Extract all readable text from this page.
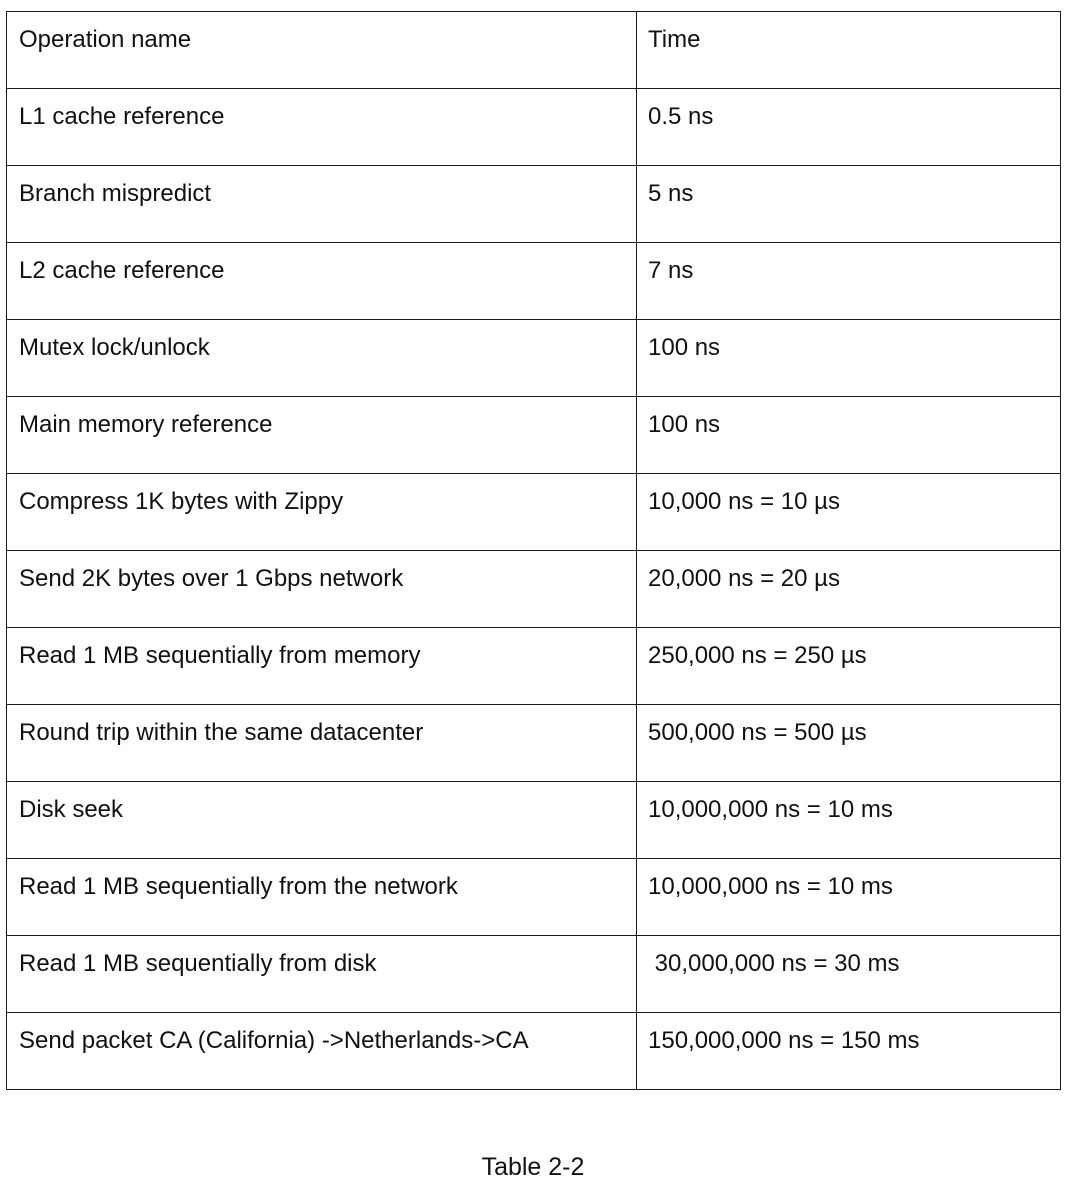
Operation name	Time
L1 cache reference	0.5 ns
Branch mispredict	5 ns
L2 cache reference	7 ns
Mutex lock/unlock	100 ns
Main memory reference	100 ns
Compress 1K bytes with Zippy	10,000 ns = 10 µs
Send 2K bytes over 1 Gbps network	20,000 ns = 20 µs
Read 1 MB sequentially from memory	250,000 ns = 250 µs
Round trip within the same datacenter	500,000 ns = 500 µs
Disk seek	10,000,000 ns = 10 ms
Read 1 MB sequentially from the network	10,000,000 ns = 10 ms
Read 1 MB sequentially from disk	30,000,000 ns = 30 ms
Send packet CA (California) ->Netherlands->CA	150,000,000 ns = 150 ms
Table 2-2
